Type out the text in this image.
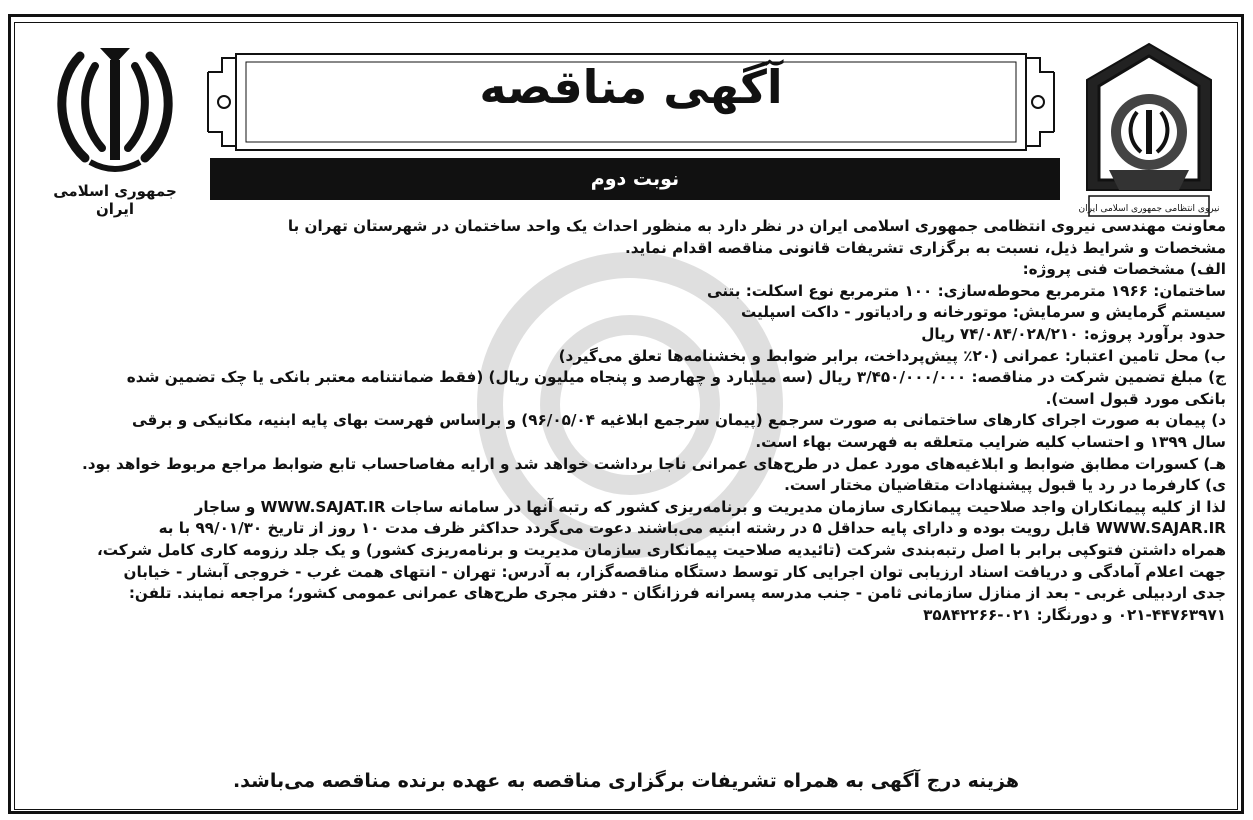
جمهوری اسلامی ایران	نیروی انتظامی جمهوری اسلامی ایران
آگهی مناقصه
نوبت دوم
معاونت مهندسی نیروی انتظامی جمهوری اسلامی ایران در نظر دارد به منظور احداث یک واحد ساختمان در شهرستان تهران با
مشخصات و شرایط ذیل، نسبت به برگزاری تشریفات قانونی مناقصه اقدام نماید.
الف) مشخصات فنی پروژه:
ساختمان: ۱۹۶۶ مترمربع محوطه‌سازی: ۱۰۰ مترمربع نوع اسکلت: بتنی
سیستم گرمایش و سرمایش: موتورخانه و رادیاتور - داکت اسپلیت
حدود برآورد پروژه: ۷۴/۰۸۴/۰۲۸/۲۱۰ ریال
ب) محل تامین اعتبار: عمرانی (۲۰٪ پیش‌پرداخت، برابر ضوابط و بخشنامه‌ها تعلق می‌گیرد)
ج) مبلغ تضمین شرکت در مناقصه: ۳/۴۵۰/۰۰۰/۰۰۰ ریال (سه میلیارد و چهارصد و پنجاه میلیون ریال) (فقط ضمانتنامه معتبر بانکی یا چک تضمین شده
بانکی مورد قبول است).
د) پیمان به صورت اجرای کارهای ساختمانی به صورت سرجمع (پیمان سرجمع ابلاغیه ۹۶/۰۵/۰۴) و براساس فهرست بهای پایه ابنیه، مکانیکی و برقی
سال ۱۳۹۹ و احتساب کلیه ضرایب متعلقه به فهرست بهاء است.
هـ) کسورات مطابق ضوابط و ابلاغیه‌های مورد عمل در طرح‌های عمرانی ناجا برداشت خواهد شد و ارایه مفاصاحساب تابع ضوابط مراجع مربوط خواهد بود.
ی) کارفرما در رد یا قبول پیشنهادات متقاضیان مختار است.
لذا از کلیه پیمانکاران واجد صلاحیت پیمانکاری سازمان مدیریت و برنامه‌ریزی کشور که رتبه آنها در سامانه ساجات WWW.SAJAT.IR و ساجار
WWW.SAJAR.IR قابل رویت بوده و دارای پایه حداقل ۵ در رشته ابنیه می‌باشند دعوت می‌گردد حداکثر ظرف مدت ۱۰ روز از تاریخ ۹۹/۰۱/۳۰ با به
همراه داشتن فتوکپی برابر با اصل رتبه‌بندی شرکت (تائیدیه صلاحیت پیمانکاری سازمان مدیریت و برنامه‌ریزی کشور) و یک جلد رزومه کاری کامل شرکت،
جهت اعلام آمادگی و دریافت اسناد ارزیابی توان اجرایی کار توسط دستگاه مناقصه‌گزار، به آدرس: تهران - انتهای همت غرب - خروجی آبشار - خیابان
جدی اردبیلی غربی - بعد از منازل سازمانی ثامن - جنب مدرسه پسرانه فرزانگان - دفتر مجری طرح‌های عمرانی عمومی کشور؛ مراجعه نمایند. تلفن:
۰۲۱-۴۴۷۶۳۹۷۱ و دورنگار: ۰۲۱-۳۵۸۴۲۲۶۶
هزینه درج آگهی به همراه تشریفات برگزاری مناقصه به عهده برنده مناقصه می‌باشد.
